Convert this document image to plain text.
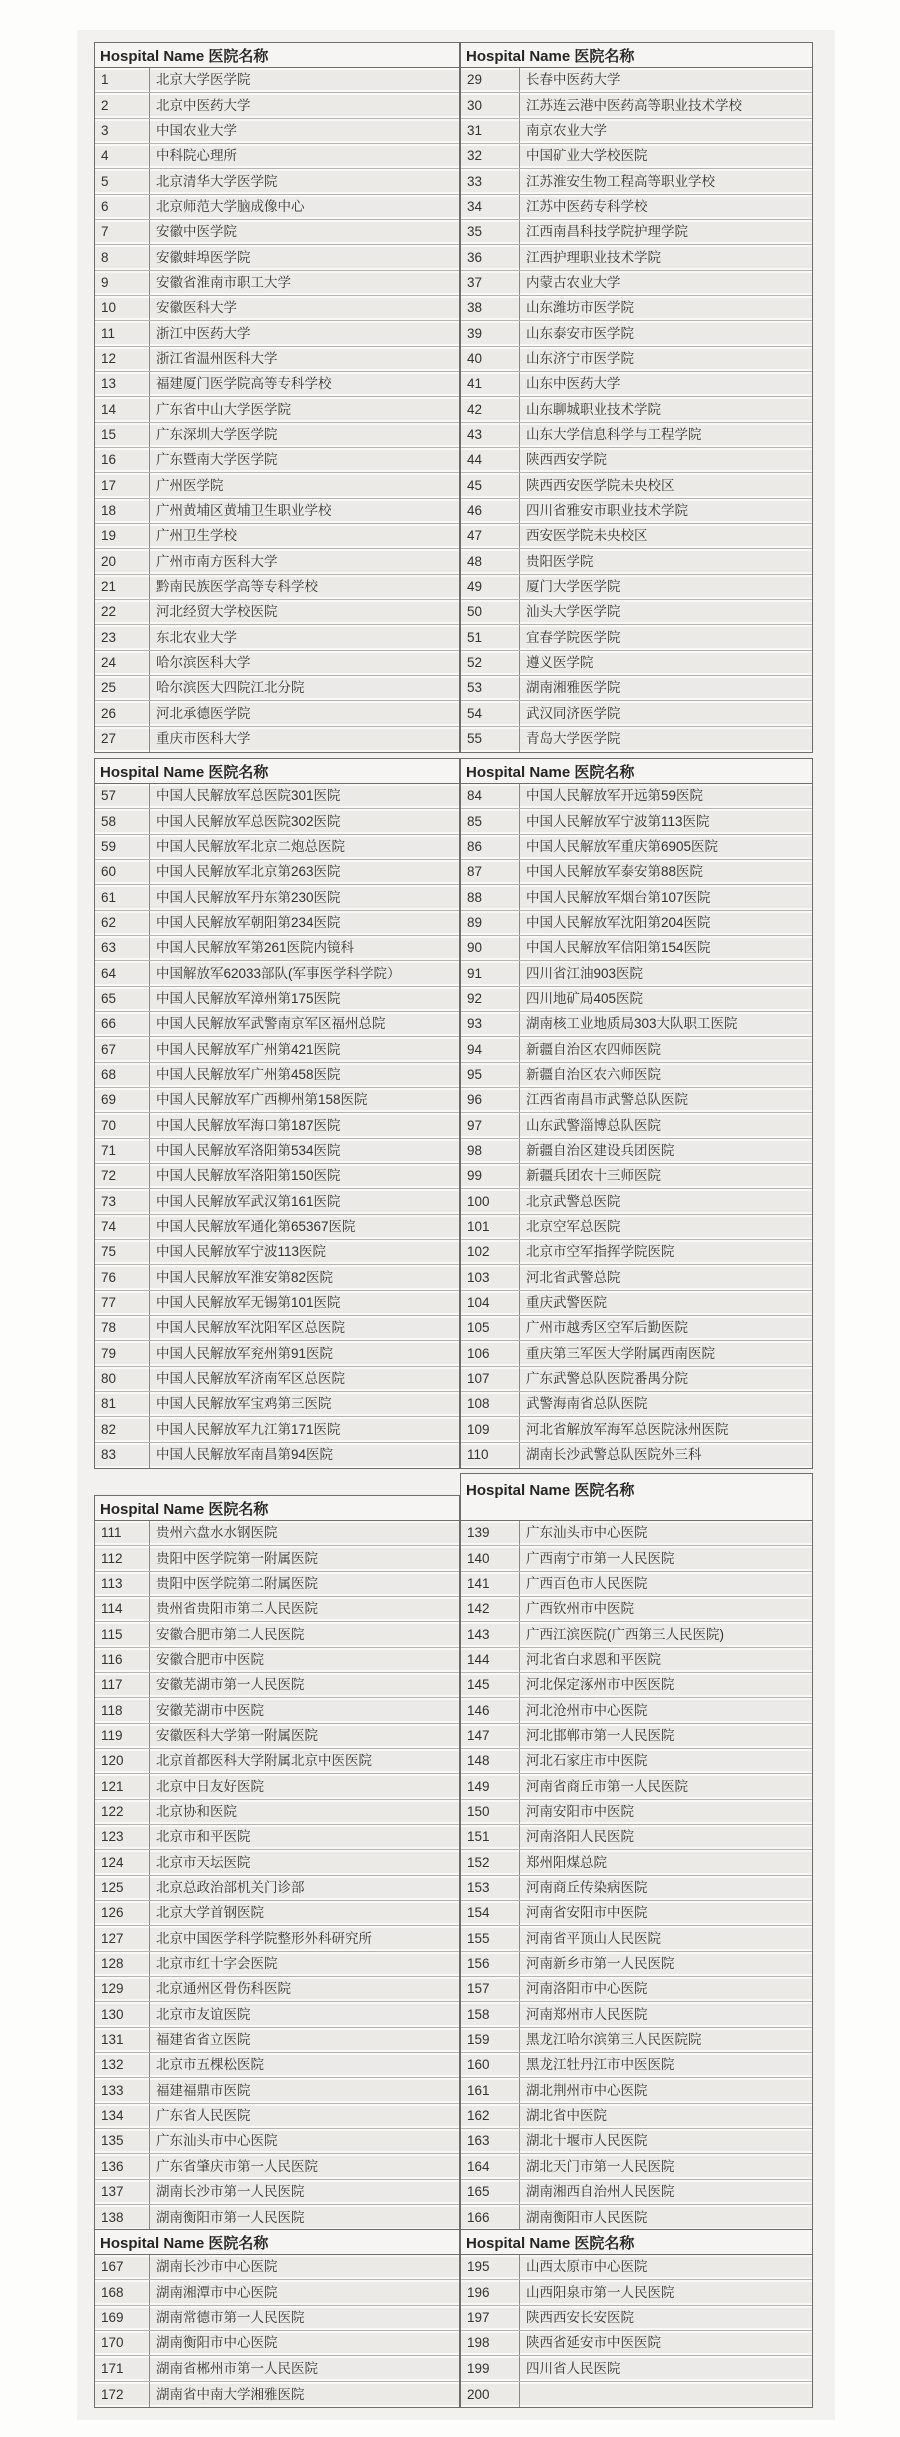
Hospital Name 医院名称
1	北京大学医学院
2	北京中医药大学
3	中国农业大学
4	中科院心理所
5	北京清华大学医学院
6	北京师范大学脑成像中心
7	安徽中医学院
8	安徽蚌埠医学院
9	安徽省淮南市职工大学
10	安徽医科大学
11	浙江中医药大学
12	浙江省温州医科大学
13	福建厦门医学院高等专科学校
14	广东省中山大学医学院
15	广东深圳大学医学院
16	广东暨南大学医学院
17	广州医学院
18	广州黄埔区黄埔卫生职业学校
19	广州卫生学校
20	广州市南方医科大学
21	黔南民族医学高等专科学校
22	河北经贸大学校医院
23	东北农业大学
24	哈尔滨医科大学
25	哈尔滨医大四院江北分院
26	河北承德医学院
27	重庆市医科大学
Hospital Name 医院名称
29	长春中医药大学
30	江苏连云港中医药高等职业技术学校
31	南京农业大学
32	中国矿业大学校医院
33	江苏淮安生物工程高等职业学校
34	江苏中医药专科学校
35	江西南昌科技学院护理学院
36	江西护理职业技术学院
37	内蒙古农业大学
38	山东潍坊市医学院
39	山东泰安市医学院
40	山东济宁市医学院
41	山东中医药大学
42	山东聊城职业技术学院
43	山东大学信息科学与工程学院
44	陕西西安学院
45	陕西西安医学院未央校区
46	四川省雅安市职业技术学院
47	西安医学院未央校区
48	贵阳医学院
49	厦门大学医学院
50	汕头大学医学院
51	宜春学院医学院
52	遵义医学院
53	湖南湘雅医学院
54	武汉同济医学院
55	青岛大学医学院
Hospital Name 医院名称
57	中国人民解放军总医院301医院
58	中国人民解放军总医院302医院
59	中国人民解放军北京二炮总医院
60	中国人民解放军北京第263医院
61	中国人民解放军丹东第230医院
62	中国人民解放军朝阳第234医院
63	中国人民解放军第261医院内镜科
64	中国解放军62033部队(军事医学科学院）
65	中国人民解放军漳州第175医院
66	中国人民解放军武警南京军区福州总院
67	中国人民解放军广州第421医院
68	中国人民解放军广州第458医院
69	中国人民解放军广西柳州第158医院
70	中国人民解放军海口第187医院
71	中国人民解放军洛阳第534医院
72	中国人民解放军洛阳第150医院
73	中国人民解放军武汉第161医院
74	中国人民解放军通化第65367医院
75	中国人民解放军宁波113医院
76	中国人民解放军淮安第82医院
77	中国人民解放军无锡第101医院
78	中国人民解放军沈阳军区总医院
79	中国人民解放军兖州第91医院
80	中国人民解放军济南军区总医院
81	中国人民解放军宝鸡第三医院
82	中国人民解放军九江第171医院
83	中国人民解放军南昌第94医院
Hospital Name 医院名称
84	中国人民解放军开远第59医院
85	中国人民解放军宁波第113医院
86	中国人民解放军重庆第6905医院
87	中国人民解放军泰安第88医院
88	中国人民解放军烟台第107医院
89	中国人民解放军沈阳第204医院
90	中国人民解放军信阳第154医院
91	四川省江油903医院
92	四川地矿局405医院
93	湖南核工业地质局303大队职工医院
94	新疆自治区农四师医院
95	新疆自治区农六师医院
96	江西省南昌市武警总队医院
97	山东武警淄博总队医院
98	新疆自治区建设兵团医院
99	新疆兵团农十三师医院
100	北京武警总医院
101	北京空军总医院
102	北京市空军指挥学院医院
103	河北省武警总院
104	重庆武警医院
105	广州市越秀区空军后勤医院
106	重庆第三军医大学附属西南医院
107	广东武警总队医院番禺分院
108	武警海南省总队医院
109	河北省解放军海军总医院泳州医院
110	湖南长沙武警总队医院外三科
Hospital Name 医院名称
111	贵州六盘水水钢医院
112	贵阳中医学院第一附属医院
113	贵阳中医学院第二附属医院
114	贵州省贵阳市第二人民医院
115	安徽合肥市第二人民医院
116	安徽合肥市中医院
117	安徽芜湖市第一人民医院
118	安徽芜湖市中医院
119	安徽医科大学第一附属医院
120	北京首都医科大学附属北京中医医院
121	北京中日友好医院
122	北京协和医院
123	北京市和平医院
124	北京市天坛医院
125	北京总政治部机关门诊部
126	北京大学首钢医院
127	北京中国医学科学院整形外科研究所
128	北京市红十字会医院
129	北京通州区骨伤科医院
130	北京市友谊医院
131	福建省省立医院
132	北京市五棵松医院
133	福建福鼎市医院
134	广东省人民医院
135	广东汕头市中心医院
136	广东省肇庆市第一人民医院
137	湖南长沙市第一人民医院
138	湖南衡阳市第一人民医院
Hospital Name 医院名称
139	广东汕头市中心医院
140	广西南宁市第一人民医院
141	广西百色市人民医院
142	广西钦州市中医院
143	广西江滨医院(广西第三人民医院)
144	河北省白求恩和平医院
145	河北保定涿州市中医医院
146	河北沧州市中心医院
147	河北邯郸市第一人民医院
148	河北石家庄市中医院
149	河南省商丘市第一人民医院
150	河南安阳市中医院
151	河南洛阳人民医院
152	郑州阳煤总院
153	河南商丘传染病医院
154	河南省安阳市中医院
155	河南省平顶山人民医院
156	河南新乡市第一人民医院
157	河南洛阳市中心医院
158	河南郑州市人民医院
159	黑龙江哈尔滨第三人民医院院
160	黑龙江牡丹江市中医医院
161	湖北荆州市中心医院
162	湖北省中医院
163	湖北十堰市人民医院
164	湖北天门市第一人民医院
165	湖南湘西自治州人民医院
166	湖南衡阳市人民医院
Hospital Name 医院名称
167	湖南长沙市中心医院
168	湖南湘潭市中心医院
169	湖南常德市第一人民医院
170	湖南衡阳市中心医院
171	湖南省郴州市第一人民医院
172	湖南省中南大学湘雅医院
Hospital Name 医院名称
195	山西太原市中心医院
196	山西阳泉市第一人民医院
197	陕西西安长安医院
198	陕西省延安市中医医院
199	四川省人民医院
200
